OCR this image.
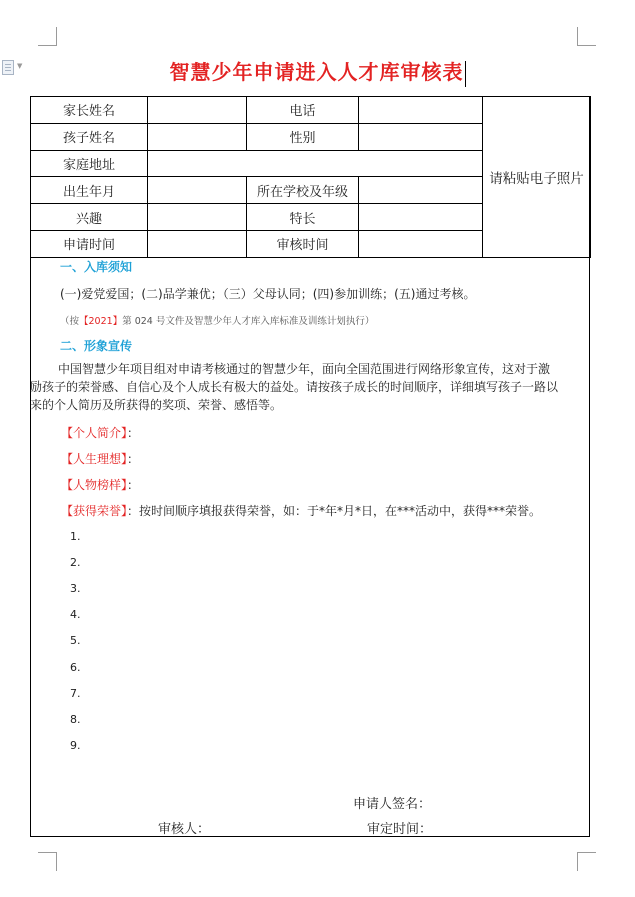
▼	智慧少年申请进入人才库审核表
家长姓名		电话		请粘贴电子照片
孩子姓名		性别		
家庭地址				
出生年月		所在学校及年级		
兴趣		特长		
申请时间		审核时间		
一、入库须知
(一)爱党爱国；(二)品学兼优；（三）父母认同；(四)参加训练；(五)通过考核。
（按【2021】第 024 号文件及智慧少年人才库入库标准及训练计划执行）
二、形象宣传
中国智慧少年项目组对申请考核通过的智慧少年，面向全国范围进行网络形象宣传，这对于激励孩子的荣誉感、自信心及个人成长有极大的益处。请按孩子成长的时间顺序，详细填写孩子一路以来的个人简历及所获得的奖项、荣誉、感悟等。
【个人简介】：
【人生理想】：
【人物榜样】：
【获得荣誉】：按时间顺序填报获得荣誉，如：于*年*月*日，在***活动中，获得***荣誉。
1.
2.
3.
4.
5.
6.
7.
8.
9.
申请人签名：
审核人：	审定时间：
